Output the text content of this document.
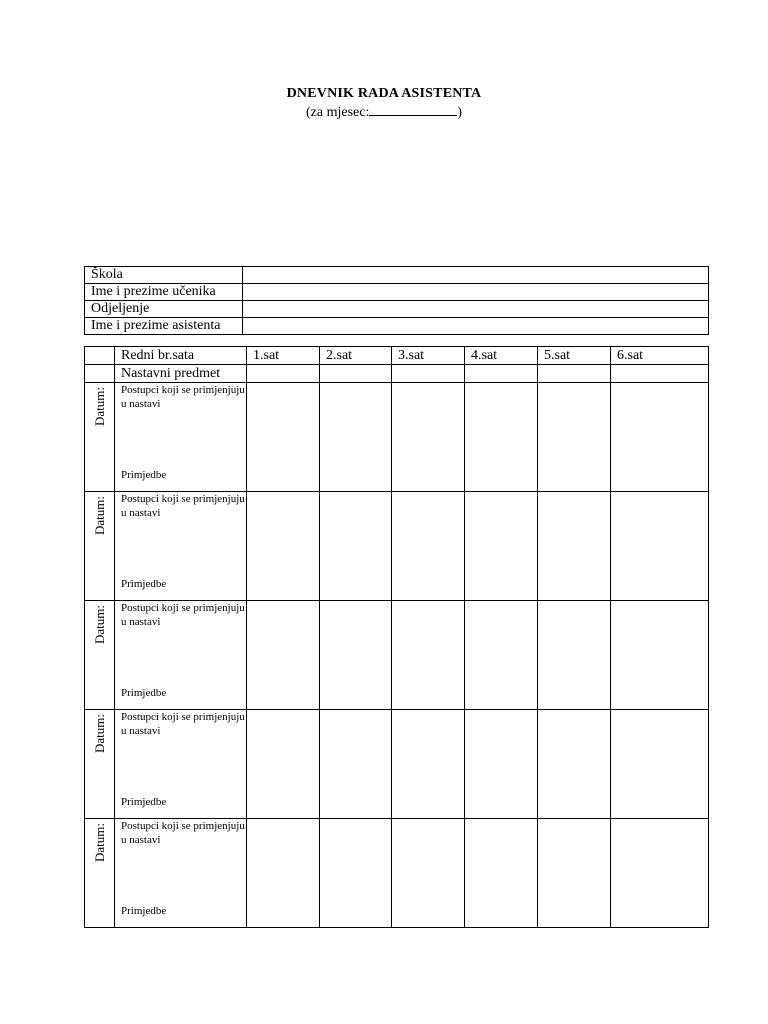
DNEVNIK RADA ASISTENTA
(za mjesec:	)
Škola	
Ime i prezime učenika	
Odjeljenje	
Ime i prezime asistenta	
	Redni br.sata	1.sat	2.sat	3.sat	4.sat	5.sat	6.sat
	Nastavni predmet						

Datum:	Postupci koji se primjenjuju u nastavi
Primjedbe						

Datum:	Postupci koji se primjenjuju u nastavi
Primjedbe						

Datum:	Postupci koji se primjenjuju u nastavi
Primjedbe						

Datum:	Postupci koji se primjenjuju u nastavi
Primjedbe						

Datum:	Postupci koji se primjenjuju u nastavi
Primjedbe						
